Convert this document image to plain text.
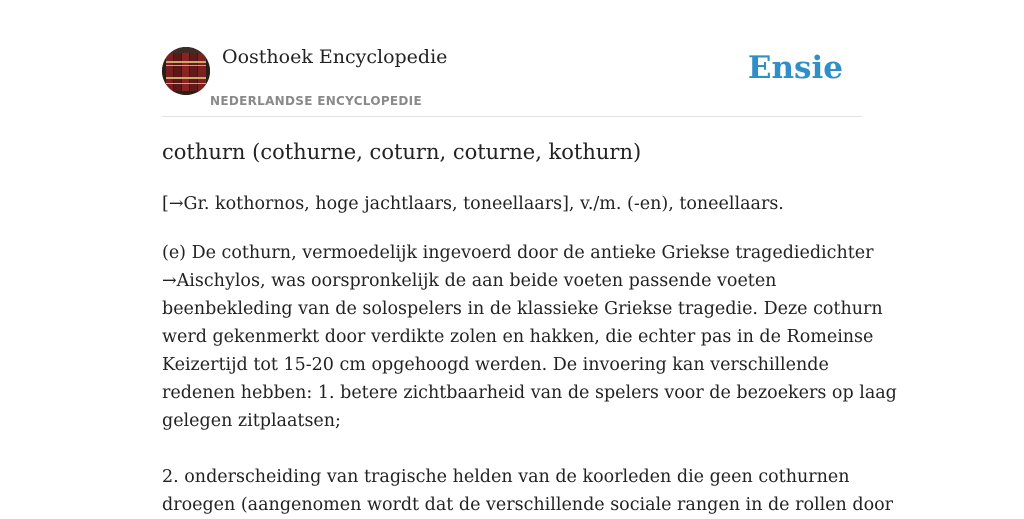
Oosthoek Encyclopedie
NEDERLANDSE ENCYCLOPEDIE
Ensie
cothurn (cothurne, coturn, coturne, kothurn)

[→Gr. kothornos, hoge jachtlaars, toneellaars], v./m. (-en), toneellaars.

(e) De cothurn, vermoedelijk ingevoerd door de antieke Griekse tragediedichter
→Aischylos, was oorspronkelijk de aan beide voeten passende voeten
beenbekleding van de solospelers in de klassieke Griekse tragedie. Deze cothurn
werd gekenmerkt door verdikte zolen en hakken, die echter pas in de Romeinse
Keizertijd tot 15-20 cm opgehoogd werden. De invoering kan verschillende
redenen hebben: 1. betere zichtbaarheid van de spelers voor de bezoekers op laag
gelegen zitplaatsen;
2. onderscheiding van tragische helden van de koorleden die geen cothurnen
droegen (aangenomen wordt dat de verschillende sociale rangen in de rollen door
